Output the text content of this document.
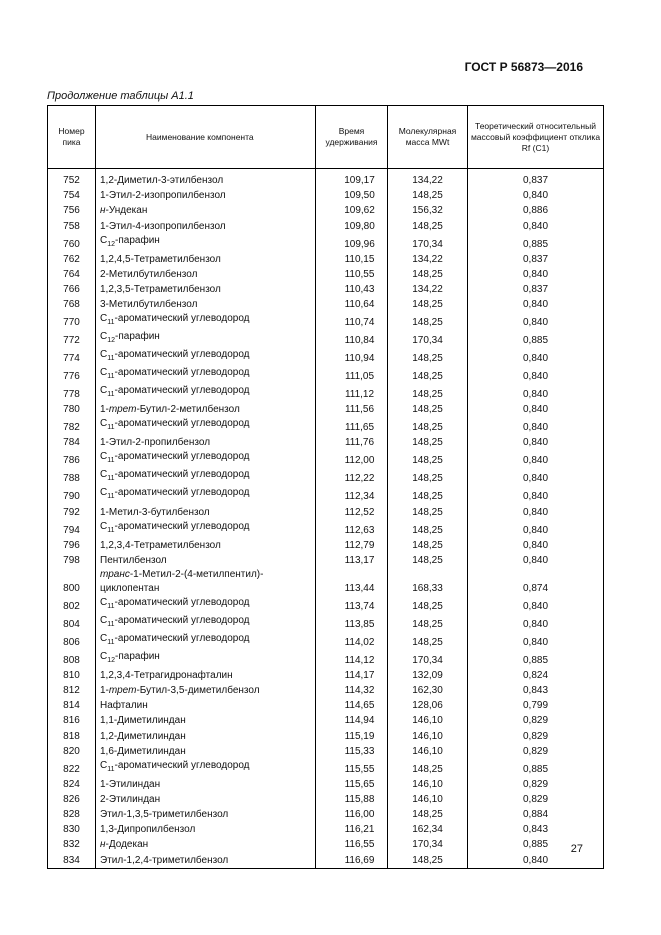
ГОСТ Р 56873—2016
Продолжение таблицы А1.1
Номер пика	Наименование компонента	Время удерживания	Молекулярная масса MWt	Теоретический относительный массовый коэффициент отклика Rf (C1)
752	1,2-Диметил-3-этилбензол	109,17	134,22	0,837
754	1-Этил-2-изопропилбензол	109,50	148,25	0,840
756	н-Ундекан	109,62	156,32	0,886
758	1-Этил-4-изопропилбензол	109,80	148,25	0,840
760	$C_{12}$-парафин	109,96	170,34	0,885
762	1,2,4,5-Тетраметилбензол	110,15	134,22	0,837
764	2-Метилбутилбензол	110,55	148,25	0,840
766	1,2,3,5-Тетраметилбензол	110,43	134,22	0,837
768	3-Метилбутилбензол	110,64	148,25	0,840
770	$C_{11}$-ароматический углеводород	110,74	148,25	0,840
772	$C_{12}$-парафин	110,84	170,34	0,885
774	$C_{11}$-ароматический углеводород	110,94	148,25	0,840
776	$C_{11}$-ароматический углеводород	111,05	148,25	0,840
778	$C_{11}$-ароматический углеводород	111,12	148,25	0,840
780	1-трет-Бутил-2-метилбензол	111,56	148,25	0,840
782	$C_{11}$-ароматический углеводород	111,65	148,25	0,840
784	1-Этил-2-пропилбензол	111,76	148,25	0,840
786	$C_{11}$-ароматический углеводород	112,00	148,25	0,840
788	$C_{11}$-ароматический углеводород	112,22	148,25	0,840
790	$C_{11}$-ароматический углеводород	112,34	148,25	0,840
792	1-Метил-3-бутилбензол	112,52	148,25	0,840
794	$C_{11}$-ароматический углеводород	112,63	148,25	0,840
796	1,2,3,4-Тетраметилбензол	112,79	148,25	0,840
798	Пентилбензол	113,17	148,25	0,840
800	транс-1-Метил-2-(4-метилпентил)-циклопентан	113,44	168,33	0,874
802	$C_{11}$-ароматический углеводород	113,74	148,25	0,840
804	$C_{11}$-ароматический углеводород	113,85	148,25	0,840
806	$C_{11}$-ароматический углеводород	114,02	148,25	0,840
808	$C_{12}$-парафин	114,12	170,34	0,885
810	1,2,3,4-Тетрагидронафталин	114,17	132,09	0,824
812	1-трет-Бутил-3,5-диметилбензол	114,32	162,30	0,843
814	Нафталин	114,65	128,06	0,799
816	1,1-Диметилиндан	114,94	146,10	0,829
818	1,2-Диметилиндан	115,19	146,10	0,829
820	1,6-Диметилиндан	115,33	146,10	0,829
822	$C_{11}$-ароматический углеводород	115,55	148,25	0,885
824	1-Этилиндан	115,65	146,10	0,829
826	2-Этилиндан	115,88	146,10	0,829
828	Этил-1,3,5-триметилбензол	116,00	148,25	0,884
830	1,3-Дипропилбензол	116,21	162,34	0,843
832	н-Додекан	116,55	170,34	0,885
834	Этил-1,2,4-триметилбензол	116,69	148,25	0,840
27
